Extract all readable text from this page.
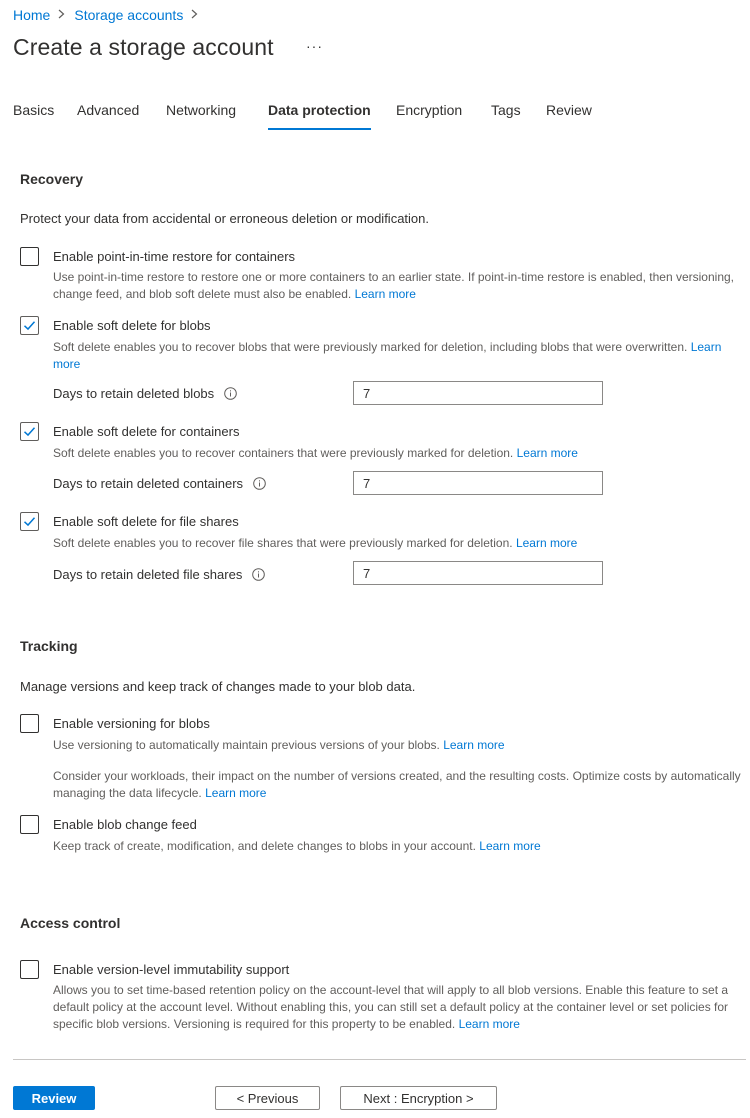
Home Storage accounts
Create a storage account ···
Basics Advanced Networking Data protection Encryption Tags Review
Recovery
Protect your data from accidental or erroneous deletion or modification.
Enable point-in-time restore for containers
Use point-in-time restore to restore one or more containers to an earlier state. If point-in-time restore is enabled, then versioning, change feed, and blob soft delete must also be enabled. Learn more
Enable soft delete for blobs
Soft delete enables you to recover blobs that were previously marked for deletion, including blobs that were overwritten. Learn more
Days to retain deleted blobs
7
Enable soft delete for containers
Soft delete enables you to recover containers that were previously marked for deletion. Learn more
Days to retain deleted containers
7
Enable soft delete for file shares
Soft delete enables you to recover file shares that were previously marked for deletion. Learn more
Days to retain deleted file shares
7
Tracking
Manage versions and keep track of changes made to your blob data.
Enable versioning for blobs
Use versioning to automatically maintain previous versions of your blobs. Learn more
Consider your workloads, their impact on the number of versions created, and the resulting costs. Optimize costs by automatically managing the data lifecycle. Learn more
Enable blob change feed
Keep track of create, modification, and delete changes to blobs in your account. Learn more
Access control
Enable version-level immutability support
Allows you to set time-based retention policy on the account-level that will apply to all blob versions. Enable this feature to set a default policy at the account level. Without enabling this, you can still set a default policy at the container level or set policies for specific blob versions. Versioning is required for this property to be enabled. Learn more
Review	< Previous	Next : Encryption >
